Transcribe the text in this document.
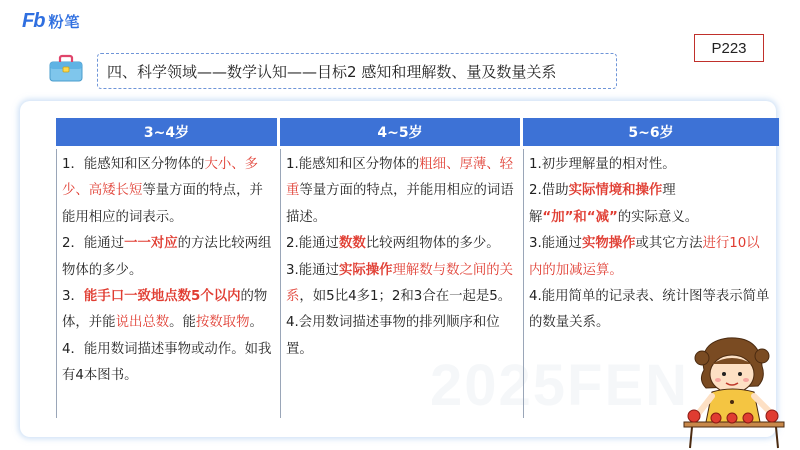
Fb 粉笔
P223
四、科学领域——数学认知——目标2 感知和理解数、量及数量关系
3~4岁	4~5岁	5~6岁

1．能感知和区分物体的大小、多少、高矮长短等量方面的特点，并能用相应的词表示。

2．能通过一一对应的方法比较两组物体的多少。

3．能手口一致地点数5个以内的物体，并能说出总数。能按数取物。

4．能用数词描述事物或动作。如我有4本图书。

1.能感知和区分物体的粗细、厚薄、轻重等量方面的特点，并能用相应的词语描述。

2.能通过数数比较两组物体的多少。

3.能通过实际操作理解数与数之间的关系，如5比4多1；2和3合在一起是5。

4.会用数词描述事物的排列顺序和位置。

1.初步理解量的相对性。

2.借助实际情境和操作理解“加”和“减”的实际意义。

3.能通过实物操作或其它方法进行10以内的加减运算。

4.能用简单的记录表、统计图等表示简单的数量关系。
